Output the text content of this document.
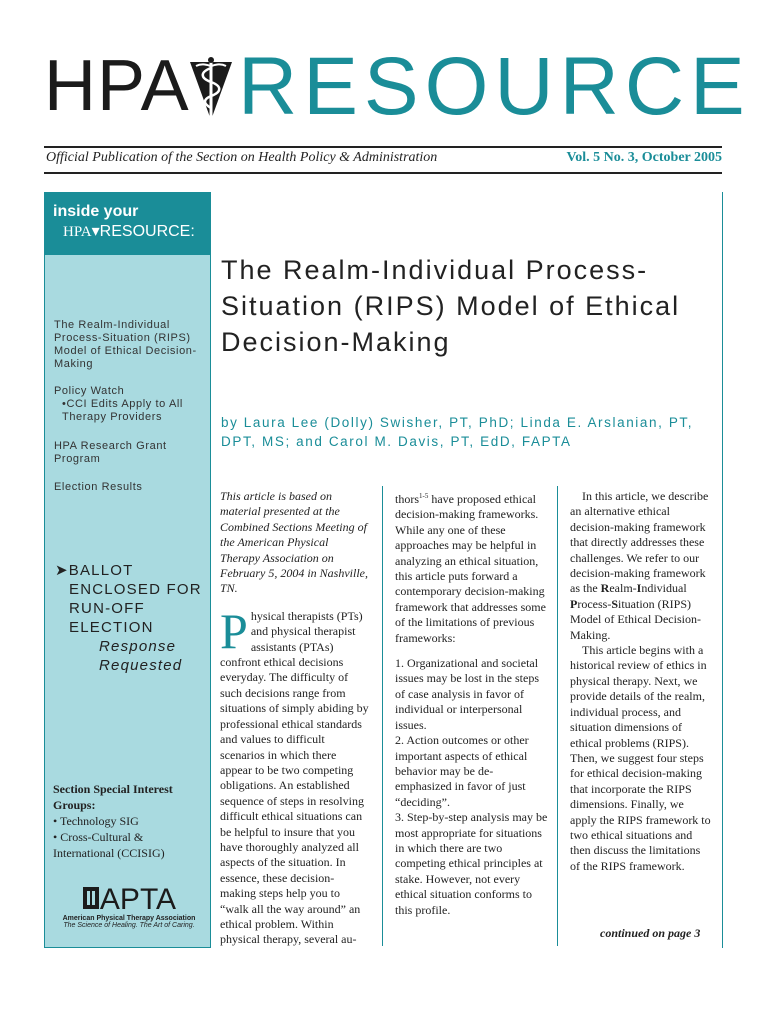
HPA RESOURCE
Official Publication of the Section on Health Policy & Administration	Vol. 5 No. 3, October 2005
inside your
HPA▾RESOURCE:
The Realm-Individual Process-Situation (RIPS) Model of Ethical Decision-Making
Policy Watch
•CCI Edits Apply to All Therapy Providers
HPA Research Grant Program
Election Results
➤BALLOT
ENCLOSED FOR
RUN-OFF
ELECTION
Response
Requested
Section Special Interest Groups:
• Technology SIG
• Cross-Cultural & International (CCISIG)
APTA
American Physical Therapy Association
The Science of Healing. The Art of Caring.
The Realm-Individual Process-Situation (RIPS) Model of Ethical Decision-Making
by Laura Lee (Dolly) Swisher, PT, PhD; Linda E. Arslanian, PT, DPT, MS; and Carol M. Davis, PT, EdD, FAPTA

This article is based on material presented at the Combined Sections Meeting of the American Physical Therapy Association on February 5, 2004 in Nashville, TN.

Physical therapists (PTs) and physical therapist assistants (PTAs) confront ethical decisions everyday. The difficulty of such decisions range from situations of simply abiding by professional ethical standards and values to difficult scenarios in which there appear to be two competing obligations. An established sequence of steps in resolving difficult ethical situations can be helpful to insure that you have thoroughly analyzed all aspects of the situation. In essence, these decision-making steps help you to “walk all the way around” an ethical problem. Within physical therapy, several au-

thors$^{1-5}$ have proposed ethical decision-making frameworks. While any one of these approaches may be helpful in analyzing an ethical situation, this article puts forward a contemporary decision-making framework that addresses some of the limitations of previous frameworks:

1. Organizational and societal issues may be lost in the steps of case analysis in favor of individual or interpersonal issues.

2. Action outcomes or other important aspects of ethical behavior may be de-emphasized in favor of just “deciding”.

3. Step-by-step analysis may be most appropriate for situations in which there are two competing ethical principles at stake. However, not every ethical situation conforms to this profile.

In this article, we describe an alternative ethical decision-making framework that directly addresses these challenges. We refer to our decision-making framework as the Realm-Individual Process-Situation (RIPS) Model of Ethical Decision-Making.

This article begins with a historical review of ethics in physical therapy. Next, we provide details of the realm, individual process, and situation dimensions of ethical problems (RIPS). Then, we suggest four steps for ethical decision-making that incorporate the RIPS dimensions. Finally, we apply the RIPS framework to two ethical situations and then discuss the limitations of the RIPS framework.

continued on page 3
